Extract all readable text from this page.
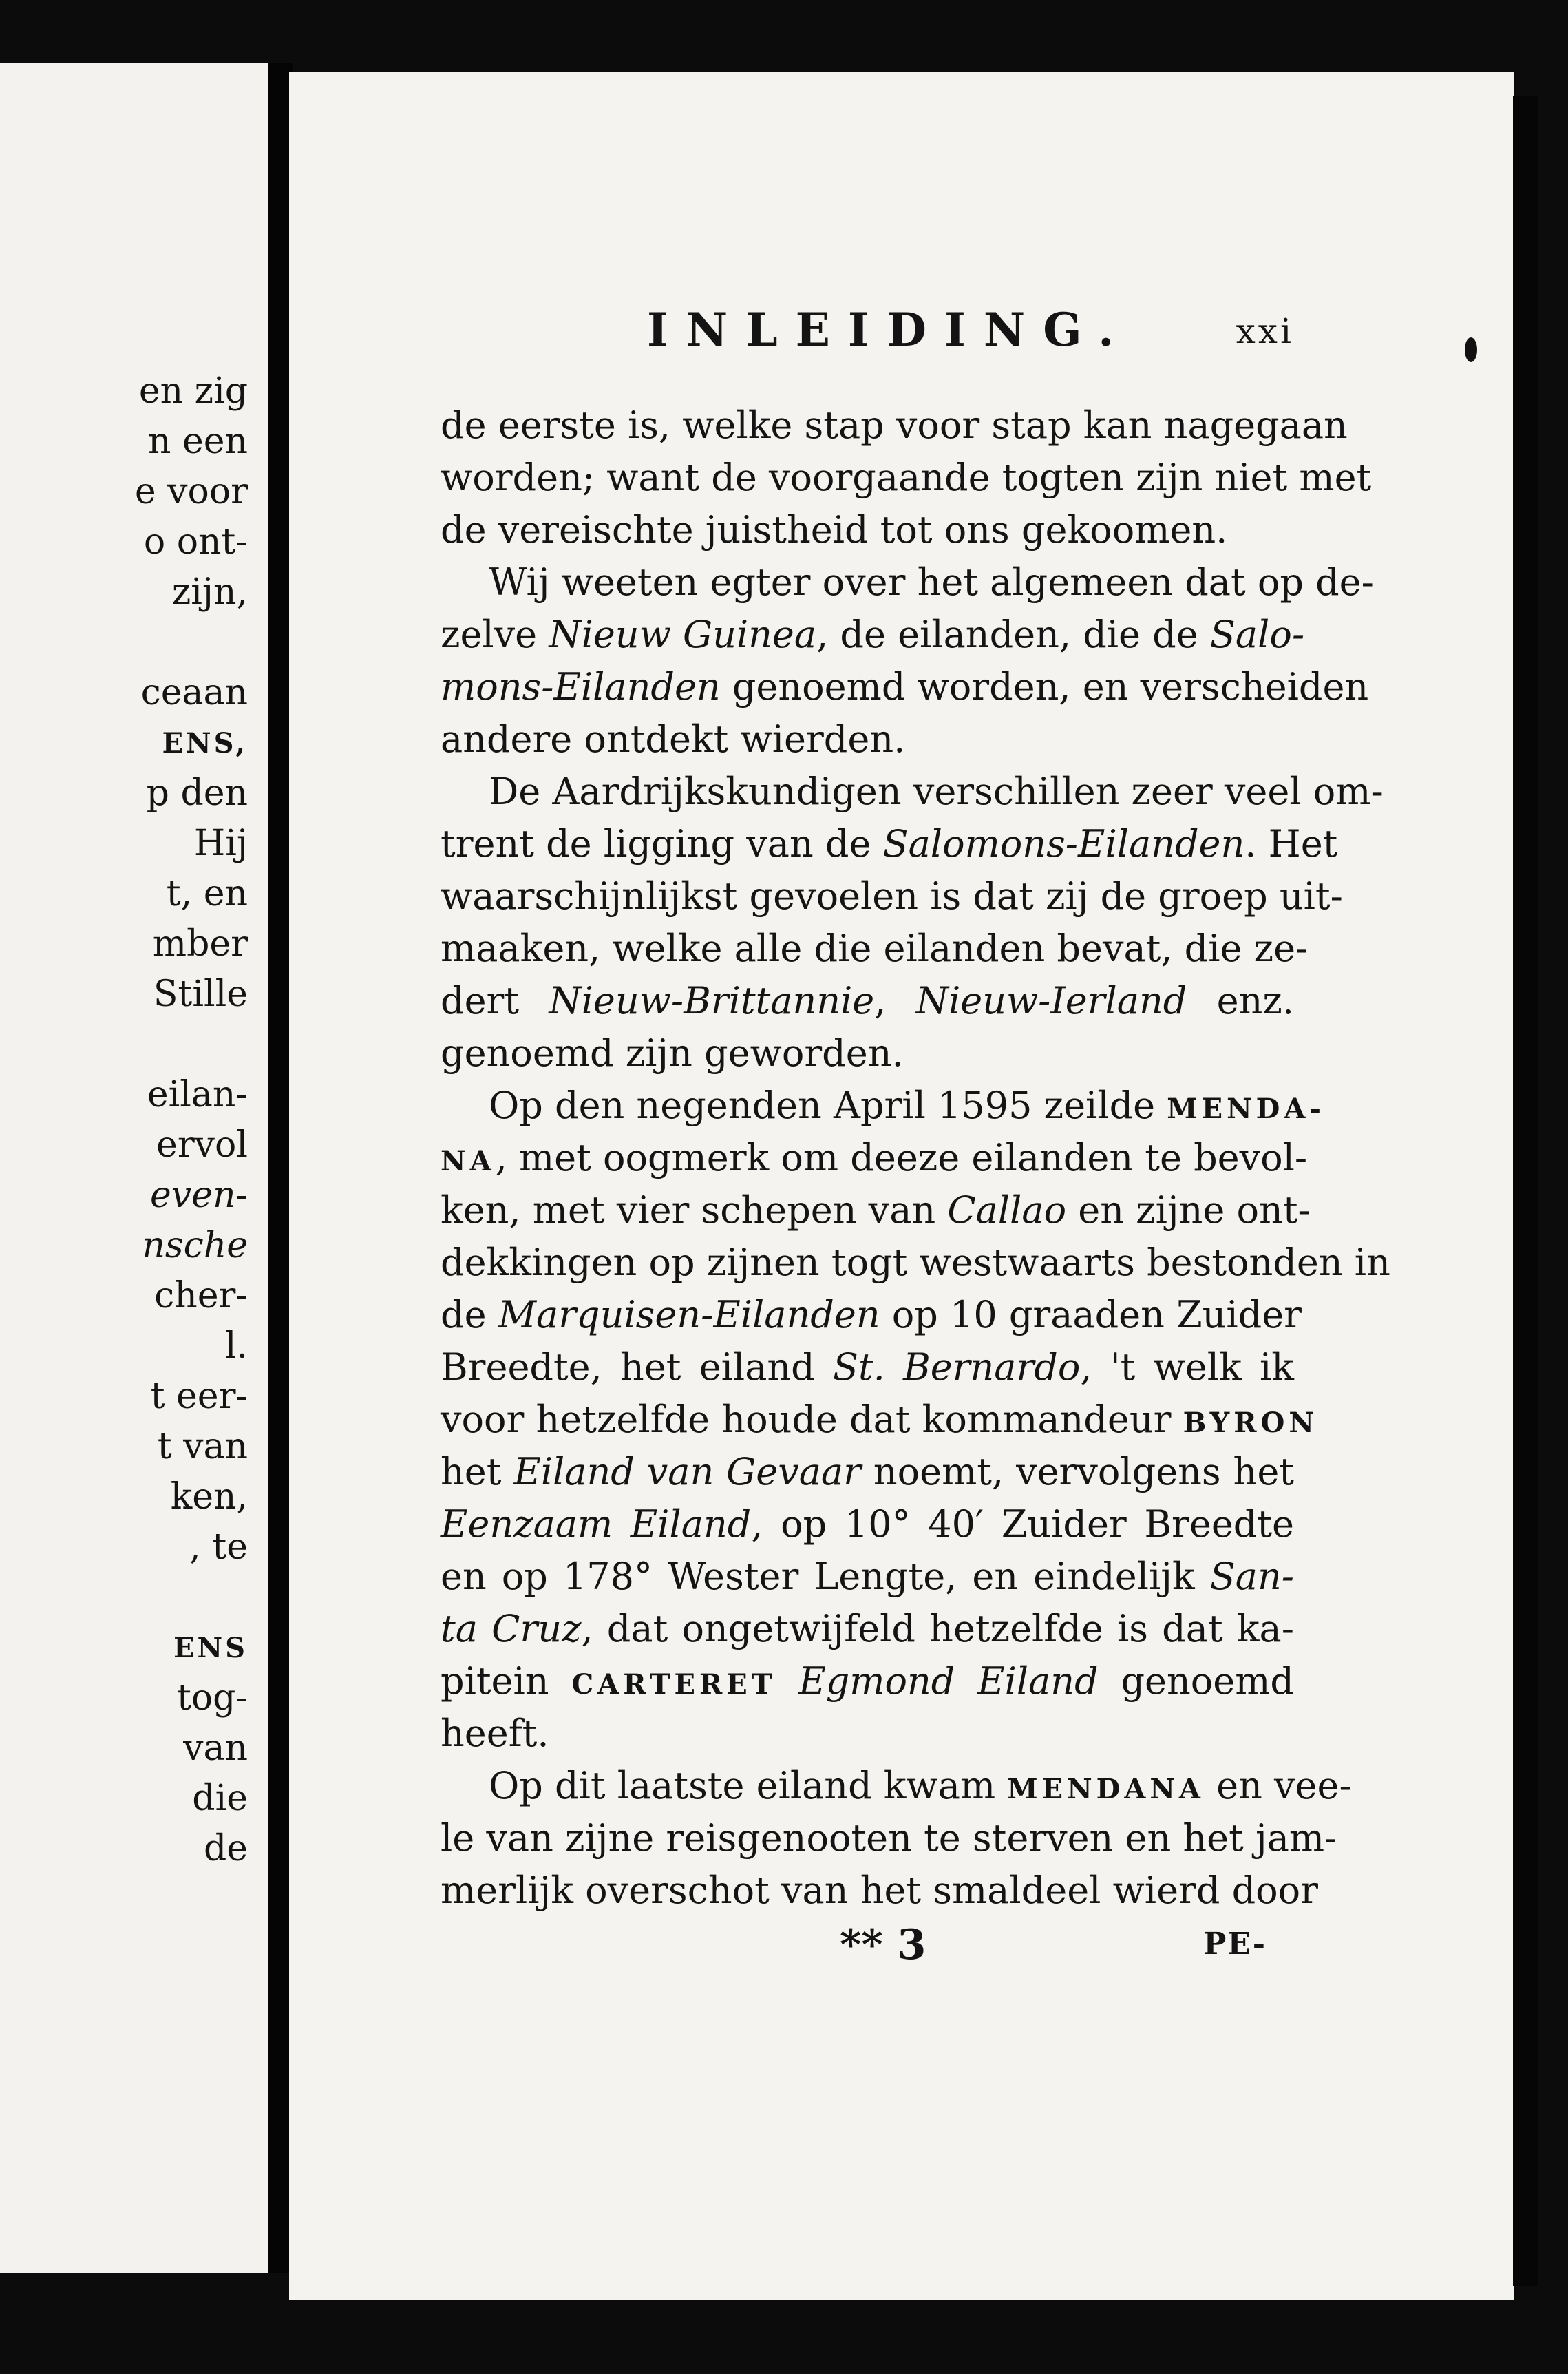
en zig
n een
e voor
o ont-
zijn,
ceaan
ENS,
p den
Hij
t, en
mber
Stille
eilan-
ervol
even-
nsche
cher-
l.
t eer-
t van
ken,
, te
ENS
tog-
van
die
de
INLEIDING.	xxi
de eerste is, welke stap voor stap kan nagegaan
worden; want de voorgaande togten zijn niet met
de vereischte juistheid tot ons gekoomen.
Wij weeten egter over het algemeen dat op de-
zelve Nieuw Guinea, de eilanden, die de Salo-
mons-Eilanden genoemd worden, en verscheiden
andere ontdekt wierden.
De Aardrijkskundigen verschillen zeer veel om-
trent de ligging van de Salomons-Eilanden. Het
waarschijnlijkst gevoelen is dat zij de groep uit-
maaken, welke alle die eilanden bevat, die ze-
dert Nieuw-Brittannie, Nieuw-Ierland enz.
genoemd zijn geworden.
Op den negenden April 1595 zeilde MENDA-
NA, met oogmerk om deeze eilanden te bevol-
ken, met vier schepen van Callao en zijne ont-
dekkingen op zijnen togt westwaarts bestonden in
de Marquisen-Eilanden op 10 graaden Zuider
Breedte, het eiland St. Bernardo, 't welk ik
voor hetzelfde houde dat kommandeur BYRON
het Eiland van Gevaar noemt, vervolgens het
Eenzaam Eiland, op 10° 40′ Zuider Breedte
en op 178° Wester Lengte, en eindelijk San-
ta Cruz, dat ongetwijfeld hetzelfde is dat ka-
pitein CARTERET Egmond Eiland genoemd
heeft.
Op dit laatste eiland kwam MENDANA en vee-
le van zijne reisgenooten te sterven en het jam-
merlijk overschot van het smaldeel wierd door
** 3	PE-
